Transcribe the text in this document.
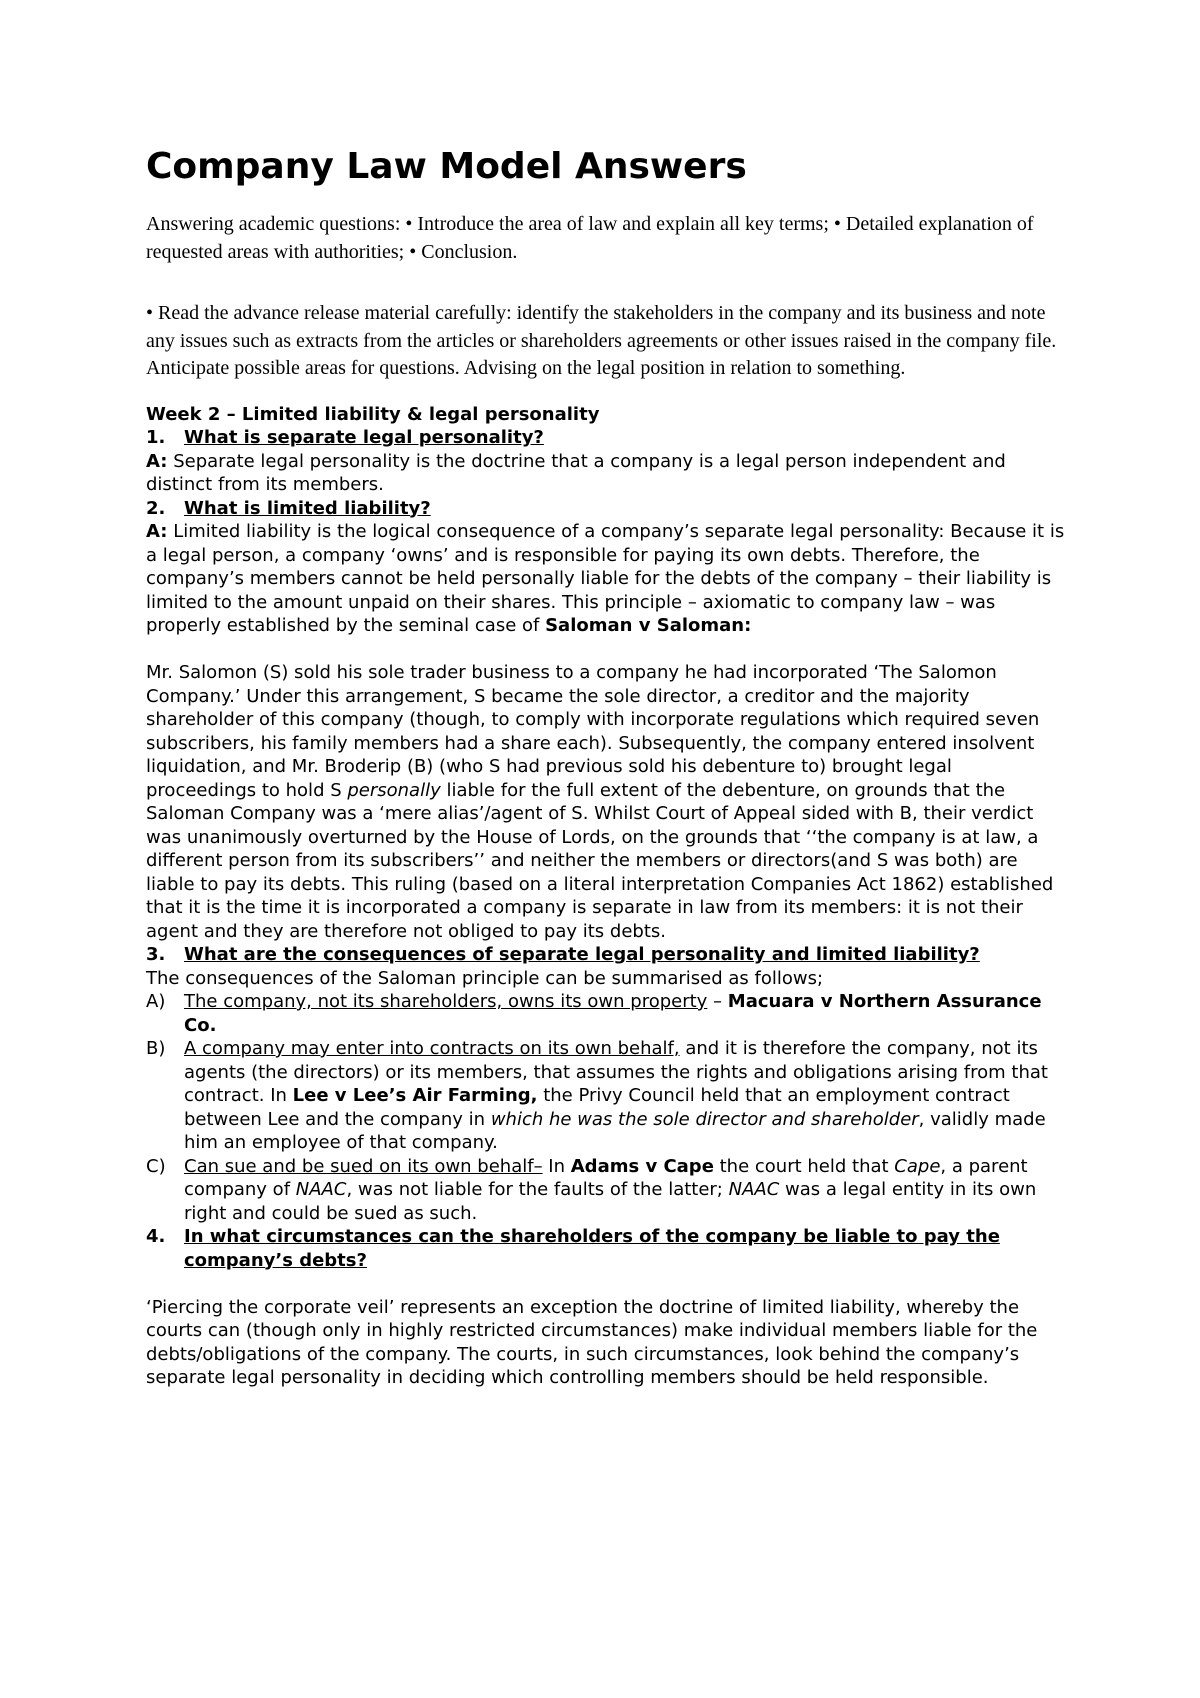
Company Law Model Answers

Answering academic questions: • Introduce the area of law and explain all key terms; • Detailed explanation of requested areas with authorities; • Conclusion.

• Read the advance release material carefully: identify the stakeholders in the company and its business and note any issues such as extracts from the articles or shareholders agreements or other issues raised in the company file. Anticipate possible areas for questions. Advising on the legal position in relation to something.

Week 2 – Limited liability & legal personality

1.	What is separate legal personality?

A: Separate legal personality is the doctrine that a company is a legal person independent and distinct from its members.

2.	What is limited liability?

A: Limited liability is the logical consequence of a company’s separate legal personality: Because it is a legal person, a company ‘owns’ and is responsible for paying its own debts. Therefore, the company’s members cannot be held personally liable for the debts of the company – their liability is limited to the amount unpaid on their shares. This principle – axiomatic to company law – was properly established by the seminal case of Saloman v Saloman:

Mr. Salomon (S) sold his sole trader business to a company he had incorporated ‘The Salomon Company.’ Under this arrangement, S became the sole director, a creditor and the majority shareholder of this company (though, to comply with incorporate regulations which required seven subscribers, his family members had a share each). Subsequently, the company entered insolvent liquidation, and Mr. Broderip (B) (who S had previous sold his debenture to) brought legal proceedings to hold S personally liable for the full extent of the debenture, on grounds that the Saloman Company was a ‘mere alias’/agent of S. Whilst Court of Appeal sided with B, their verdict was unanimously overturned by the House of Lords, on the grounds that ‘‘the company is at law, a different person from its subscribers’’ and neither the members or directors(and S was both) are liable to pay its debts. This ruling (based on a literal interpretation Companies Act 1862) established that it is the time it is incorporated a company is separate in law from its members: it is not their agent and they are therefore not obliged to pay its debts.

3.	What are the consequences of separate legal personality and limited liability?

The consequences of the Saloman principle can be summarised as follows;

A)	The company, not its shareholders, owns its own property – Macuara v Northern Assurance Co.
B)	A company may enter into contracts on its own behalf, and it is therefore the company, not its agents (the directors) or its members, that assumes the rights and obligations arising from that contract. In Lee v Lee’s Air Farming, the Privy Council held that an employment contract between Lee and the company in which he was the sole director and shareholder, validly made him an employee of that company.
C)	Can sue and be sued on its own behalf– In Adams v Cape the court held that Cape, a parent company of NAAC, was not liable for the faults of the latter; NAAC was a legal entity in its own right and could be sued as such.
4.	In what circumstances can the shareholders of the company be liable to pay the company’s debts?

‘Piercing the corporate veil’ represents an exception the doctrine of limited liability, whereby the courts can (though only in highly restricted circumstances) make individual members liable for the debts/obligations of the company. The courts, in such circumstances, look behind the company’s separate legal personality in deciding which controlling members should be held responsible.
